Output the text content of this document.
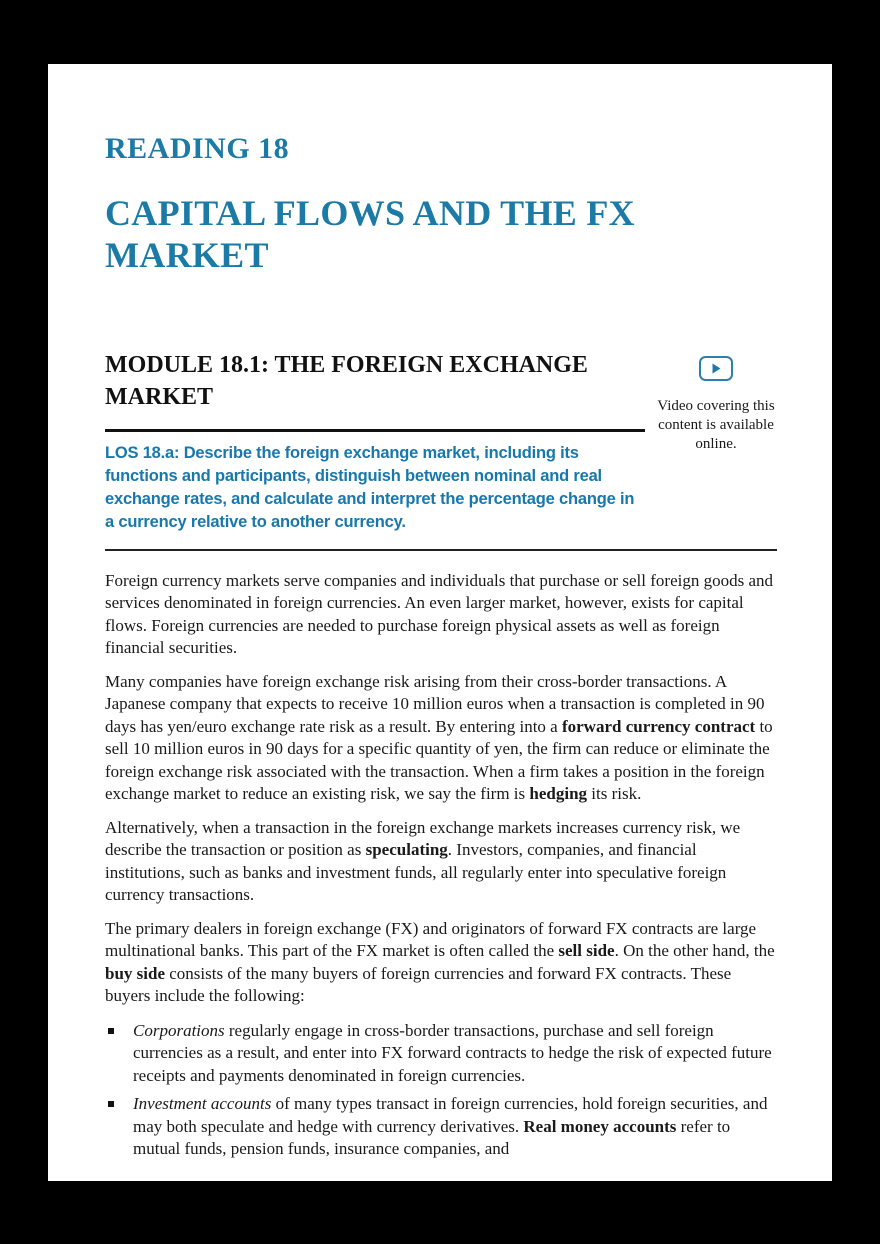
READING 18
CAPITAL FLOWS AND THE FX MARKET
Video covering this content is available online.
MODULE 18.1: THE FOREIGN EXCHANGE MARKET

LOS 18.a: Describe the foreign exchange market, including its functions and participants, distinguish between nominal and real exchange rates, and calculate and interpret the percentage change in a currency relative to another currency.

Foreign currency markets serve companies and individuals that purchase or sell foreign goods and services denominated in foreign currencies. An even larger market, however, exists for capital flows. Foreign currencies are needed to purchase foreign physical assets as well as foreign financial securities.

Many companies have foreign exchange risk arising from their cross-border transactions. A Japanese company that expects to receive 10 million euros when a transaction is completed in 90 days has yen/euro exchange rate risk as a result. By entering into a forward currency contract to sell 10 million euros in 90 days for a specific quantity of yen, the firm can reduce or eliminate the foreign exchange risk associated with the transaction. When a firm takes a position in the foreign exchange market to reduce an existing risk, we say the firm is hedging its risk.

Alternatively, when a transaction in the foreign exchange markets increases currency risk, we describe the transaction or position as speculating. Investors, companies, and financial institutions, such as banks and investment funds, all regularly enter into speculative foreign currency transactions.

The primary dealers in foreign exchange (FX) and originators of forward FX contracts are large multinational banks. This part of the FX market is often called the sell side. On the other hand, the buy side consists of the many buyers of foreign currencies and forward FX contracts. These buyers include the following:

Corporations regularly engage in cross-border transactions, purchase and sell foreign currencies as a result, and enter into FX forward contracts to hedge the risk of expected future receipts and payments denominated in foreign currencies.
Investment accounts of many types transact in foreign currencies, hold foreign securities, and may both speculate and hedge with currency derivatives. Real money accounts refer to mutual funds, pension funds, insurance companies, and
